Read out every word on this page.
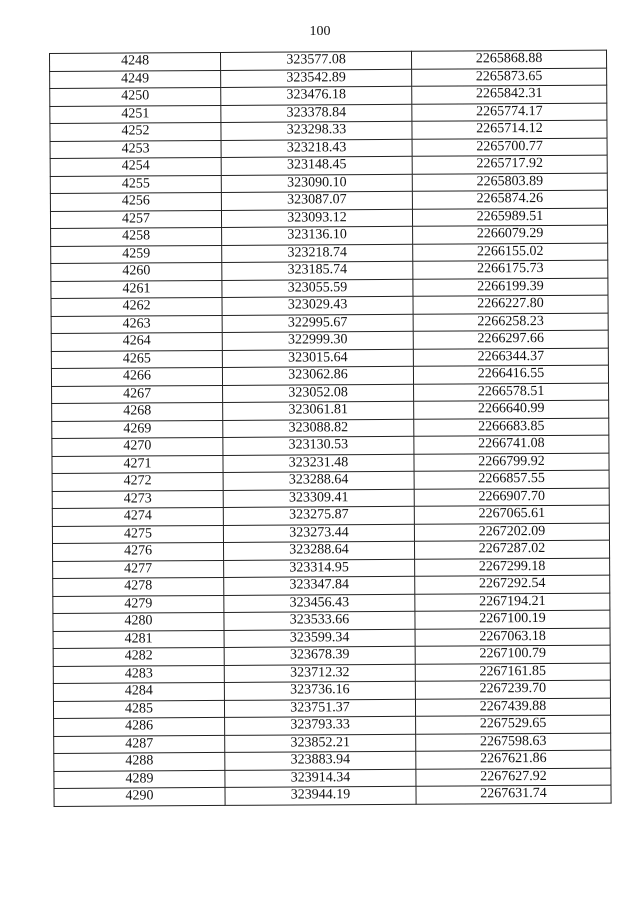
100
4248	323577.08	2265868.88
4249	323542.89	2265873.65
4250	323476.18	2265842.31
4251	323378.84	2265774.17
4252	323298.33	2265714.12
4253	323218.43	2265700.77
4254	323148.45	2265717.92
4255	323090.10	2265803.89
4256	323087.07	2265874.26
4257	323093.12	2265989.51
4258	323136.10	2266079.29
4259	323218.74	2266155.02
4260	323185.74	2266175.73
4261	323055.59	2266199.39
4262	323029.43	2266227.80
4263	322995.67	2266258.23
4264	322999.30	2266297.66
4265	323015.64	2266344.37
4266	323062.86	2266416.55
4267	323052.08	2266578.51
4268	323061.81	2266640.99
4269	323088.82	2266683.85
4270	323130.53	2266741.08
4271	323231.48	2266799.92
4272	323288.64	2266857.55
4273	323309.41	2266907.70
4274	323275.87	2267065.61
4275	323273.44	2267202.09
4276	323288.64	2267287.02
4277	323314.95	2267299.18
4278	323347.84	2267292.54
4279	323456.43	2267194.21
4280	323533.66	2267100.19
4281	323599.34	2267063.18
4282	323678.39	2267100.79
4283	323712.32	2267161.85
4284	323736.16	2267239.70
4285	323751.37	2267439.88
4286	323793.33	2267529.65
4287	323852.21	2267598.63
4288	323883.94	2267621.86
4289	323914.34	2267627.92
4290	323944.19	2267631.74
